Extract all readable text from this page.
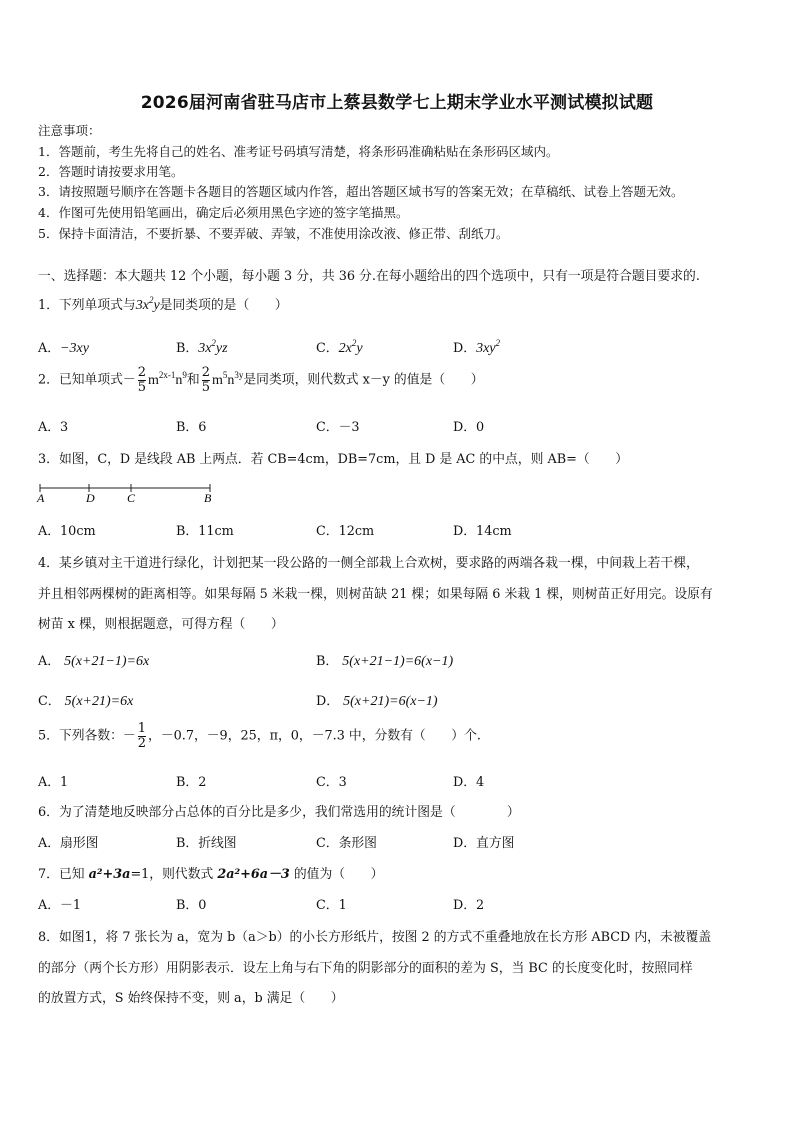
2026届河南省驻马店市上蔡县数学七上期末学业水平测试模拟试题
注意事项：
1．答题前，考生先将自己的姓名、准考证号码填写清楚，将条形码准确粘贴在条形码区域内。
2．答题时请按要求用笔。
3．请按照题号顺序在答题卡各题目的答题区域内作答，超出答题区域书写的答案无效；在草稿纸、试卷上答题无效。
4．作图可先使用铅笔画出，确定后必须用黑色字迹的签字笔描黑。
5．保持卡面清洁，不要折暴、不要弄破、弄皱，不准使用涂改液、修正带、刮纸刀。
一、选择题：本大题共 12 个小题，每小题 3 分，共 36 分.在每小题给出的四个选项中，只有一项是符合题目要求的.
1．下列单项式与$3x^2y$是同类项的是（　　）
A．−3xy	B．$3x^2yz$	C．$2x^2y$	D．$3xy^2$
2．已知单项式－ $\frac{2}{5} m^{2x-1}n^9$和 $\frac{2}{5} m^5n^{3y}$是同类项，则代数式 x－y 的值是（　　）
A．3	B．6	C．－3	D．0
3．如图，C，D 是线段 AB 上两点．若 CB=4cm，DB=7cm，且 D 是 AC 的中点，则 AB=（　　）
A	D	C	B
A．10cm	B．11cm	C．12cm	D．14cm
4．某乡镇对主干道进行绿化，计划把某一段公路的一侧全部栽上合欢树，要求路的两端各栽一棵，中间栽上若干棵，
并且相邻两棵树的距离相等。如果每隔 5 米栽一棵，则树苗缺 21 棵；如果每隔 6 米栽 1 棵，则树苗正好用完。设原有
树苗 x 棵，则根据题意，可得方程（　　）
A． 5(x+21−1)=6x	B． 5(x+21−1)=6(x−1)
C． 5(x+21)=6x	D． 5(x+21)=6(x−1)
5．下列各数：－ $\frac{1}{2}$ ，－0.7，－9，25，π，0，－7.3 中，分数有（　　）个.
A．1	B．2	C．3	D．4
6．为了清楚地反映部分占总体的百分比是多少，我们常选用的统计图是（　　　　）
A．扇形图	B．折线图	C．条形图	D．直方图
7．已知 a²+3a=1，则代数式 2a²+6a－3 的值为（　　）
A．－1	B．0	C．1	D．2
8．如图1，将 7 张长为 a，宽为 b（a＞b）的小长方形纸片，按图 2 的方式不重叠地放在长方形 ABCD 内，未被覆盖
的部分（两个长方形）用阴影表示．设左上角与右下角的阴影部分的面积的差为 S，当 BC 的长度变化时，按照同样
的放置方式，S 始终保持不变，则 a，b 满足（　　）
